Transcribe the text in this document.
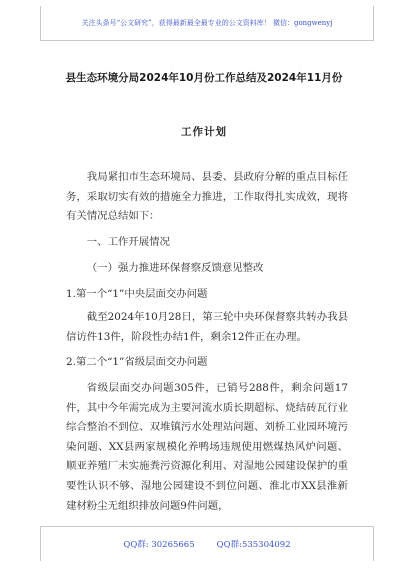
关注头条号“公文研究”，获得最新最全最专业的公文资料库！ 微信：gongwenyj
县生态环境分局2024年10月份工作总结及2024年11月份
工作计划

我局紧扣市生态环境局、县委、县政府分解的重点目标任务，采取切实有效的措施全力推进，工作取得扎实成效，现将有关情况总结如下：

一、工作开展情况

（一）强力推进环保督察反馈意见整改

1.第一个“1”中央层面交办问题

截至2024年10月28日，第三轮中央环保督察共转办我县信访件13件，阶段性办结1件，剩余12件正在办理。

2.第二个“1”省级层面交办问题

省级层面交办问题305件，已销号288件，剩余问题17件，其中今年需完成为主要河流水质长期超标、烧结砖瓦行业综合整治不到位、双堆镇污水处理站问题、刘桥工业园环境污染问题、XX县两家规模化养鸭场违规使用燃煤热风炉问题、顺亚养殖厂未实施粪污资源化利用、对湿地公园建设保护的重要性认识不够、湿地公园建设不到位问题、淮北市XX县淮新建材粉尘无组织排放问题9件问题，

QQ群: 30265665	QQ群:535304092
